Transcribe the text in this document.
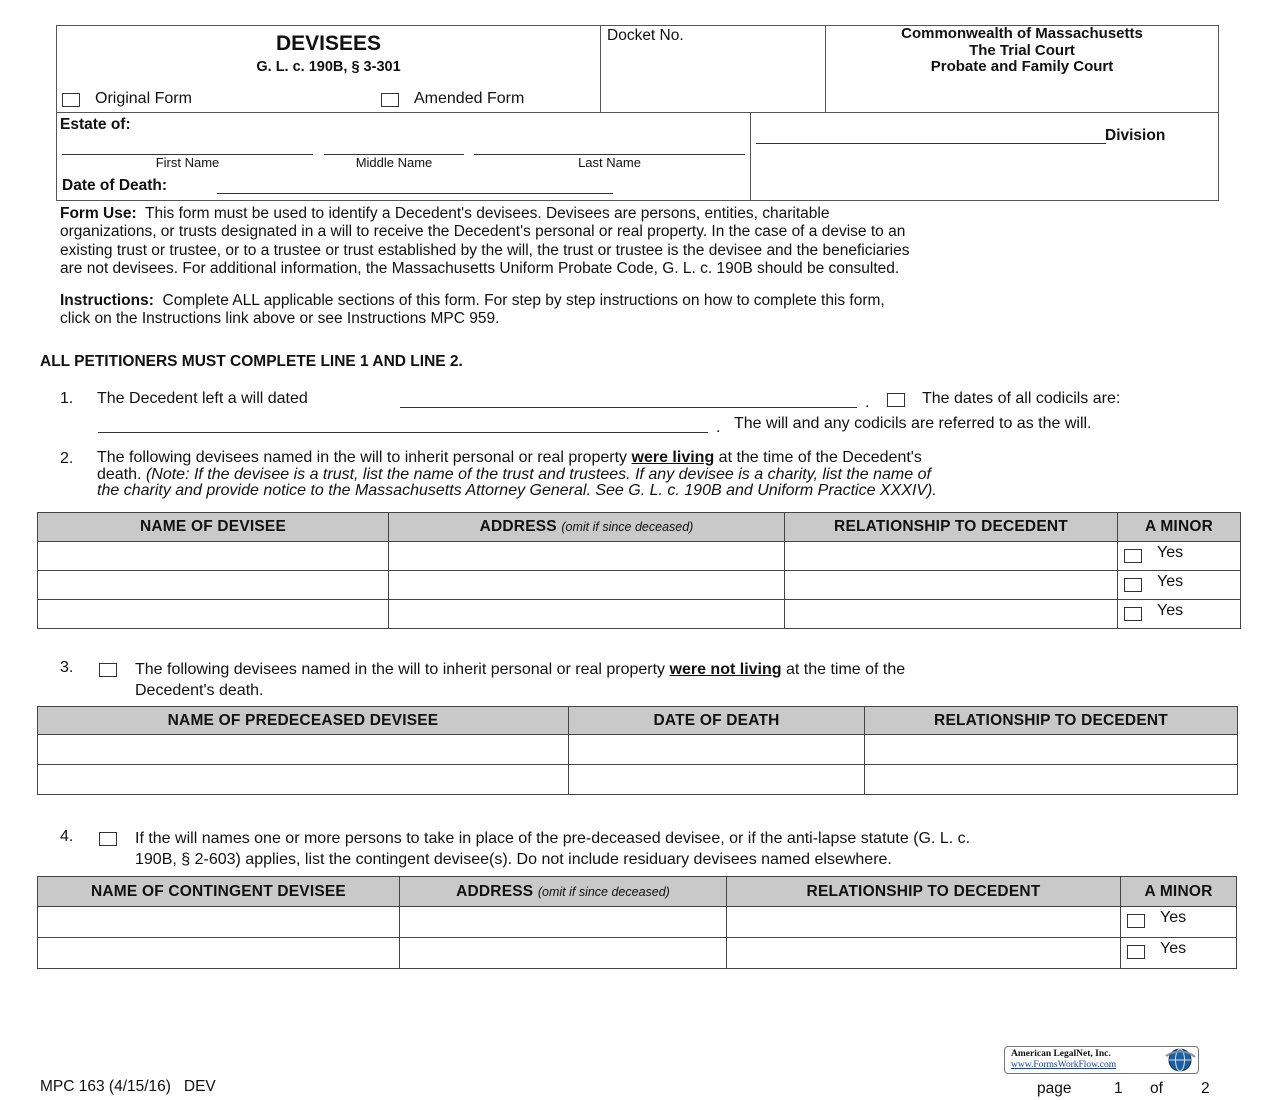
DEVISEES
G. L. c. 190B, § 3-301
Original Form	Amended Form
Docket No.	Commonwealth of Massachusetts
The Trial Court
Probate and Family Court
Estate of:
First Name	Middle Name	Last Name
Date of Death:
Division
Form Use: This form must be used to identify a Decedent's devisees. Devisees are persons, entities, charitable
organizations, or trusts designated in a will to receive the Decedent's personal or real property. In the case of a devise to an
existing trust or trustee, or to a trustee or trust established by the will, the trust or trustee is the devisee and the beneficiaries
are not devisees. For additional information, the Massachusetts Uniform Probate Code, G. L. c. 190B should be consulted.
Instructions: Complete ALL applicable sections of this form. For step by step instructions on how to complete this form,
click on the Instructions link above or see Instructions MPC 959.
ALL PETITIONERS MUST COMPLETE LINE 1 AND LINE 2.
1. The Decedent left a will dated	.	The dates of all codicils are:
. The will and any codicils are referred to as the will.
2. The following devisees named in the will to inherit personal or real property were living at the time of the Decedent's
death. (Note: If the devisee is a trust, list the name of the trust and trustees. If any devisee is a charity, list the name of
the charity and provide notice to the Massachusetts Attorney General. See G. L. c. 190B and Uniform Practice XXXIV).
NAME OF DEVISEE	ADDRESS (omit if since deceased)	RELATIONSHIP TO DECEDENT	A MINOR

			Yes

			Yes

			Yes
3.	The following devisees named in the will to inherit personal or real property were not living at the time of the
Decedent's death.
NAME OF PREDECEASED DEVISEE	DATE OF DEATH	RELATIONSHIP TO DECEDENT

4.	If the will names one or more persons to take in place of the pre-deceased devisee, or if the anti-lapse statute (G. L. c.
190B, § 2-603) applies, list the contingent devisee(s). Do not include residuary devisees named elsewhere.
NAME OF CONTINGENT DEVISEE	ADDRESS (omit if since deceased)	RELATIONSHIP TO DECEDENT	A MINOR

			Yes

			Yes
American LegalNet, Inc.
www.FormsWorkFlow.com
MPC 163 (4/15/16)   DEV	page	1 of 2
